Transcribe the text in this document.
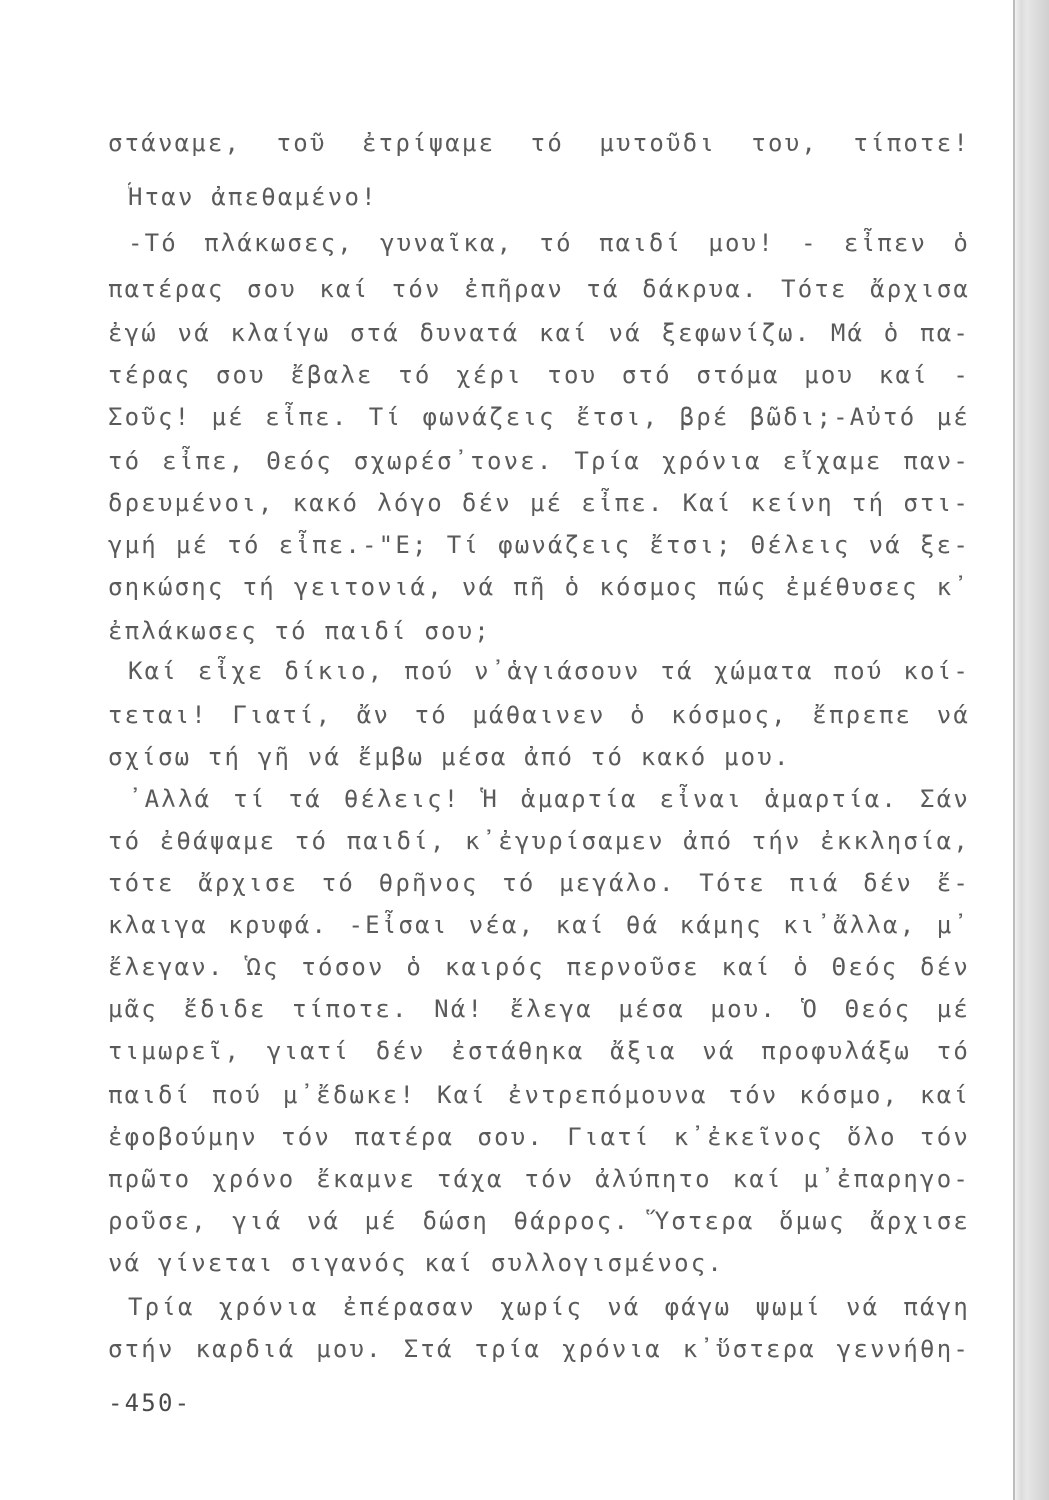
στάναμε, τοῦ ἐτρίψαμε τό μυτοῦδι του, τίποτε!
Ἦταν ἀπεθαμένο!
-Τό πλάκωσες, γυναῖκα, τό παιδί μου! - εἶπεν ὁ
πατέρας σου καί τόν ἐπῆραν τά δάκρυα. Τότε ἄρχισα
ἐγώ νά κλαίγω στά δυνατά καί νά ξεφωνίζω. Μά ὁ πα-
τέρας σου ἔβαλε τό χέρι του στό στόμα μου καί -
Σοῦς! μέ εἶπε. Τί φωνάζεις ἔτσι, βρέ βῶδι;-Αὐτό μέ
τό εἶπε, Θεός σχωρέσ᾽τονε. Τρία χρόνια εἴχαμε παν-
δρευμένοι, κακό λόγο δέν μέ εἶπε. Καί κείνη τή στι-
γμή μέ τό εἶπε.-"Ε; Τί φωνάζεις ἔτσι; Θέλεις νά ξε-
σηκώσης τή γειτονιά, νά πῆ ὁ κόσμος πώς ἐμέθυσες κ᾽
ἐπλάκωσες τό παιδί σου;
Καί εἶχε δίκιο, πού ν᾽ἁγιάσουν τά χώματα πού κοί-
τεται! Γιατί, ἄν τό μάθαινεν ὁ κόσμος, ἔπρεπε νά
σχίσω τή γῆ νά ἔμβω μέσα ἀπό τό κακό μου.
᾽Αλλά τί τά θέλεις! Ἡ ἁμαρτία εἶναι ἁμαρτία. Σάν
τό ἐθάψαμε τό παιδί, κ᾽ἐγυρίσαμεν ἀπό τήν ἐκκλησία,
τότε ἄρχισε τό θρῆνος τό μεγάλο. Τότε πιά δέν ἔ-
κλαιγα κρυφά. -Εἶσαι νέα, καί θά κάμης κι᾽ἄλλα, μ᾽
ἔλεγαν. Ὡς τόσον ὁ καιρός περνοῦσε καί ὁ Θεός δέν
μᾶς ἔδιδε τίποτε. Νά! ἔλεγα μέσα μου. Ὁ Θεός μέ
τιμωρεῖ, γιατί δέν ἐστάθηκα ἄξια νά προφυλάξω τό
παιδί πού μ᾽ἔδωκε! Καί ἐντρεπόμουνα τόν κόσμο, καί
ἐφοβούμην τόν πατέρα σου. Γιατί κ᾽ἐκεῖνος ὅλο τόν
πρῶτο χρόνο ἔκαμνε τάχα τόν ἀλύπητο καί μ᾽ἐπαρηγο-
ροῦσε, γιά νά μέ δώση θάρρος. Ὕστερα ὅμως ἄρχισε
νά γίνεται σιγανός καί συλλογισμένος.
Τρία χρόνια ἐπέρασαν χωρίς νά φάγω ψωμί νά πάγη
στήν καρδιά μου. Στά τρία χρόνια κ᾽ὕστερα γεννήθη-
-450-
